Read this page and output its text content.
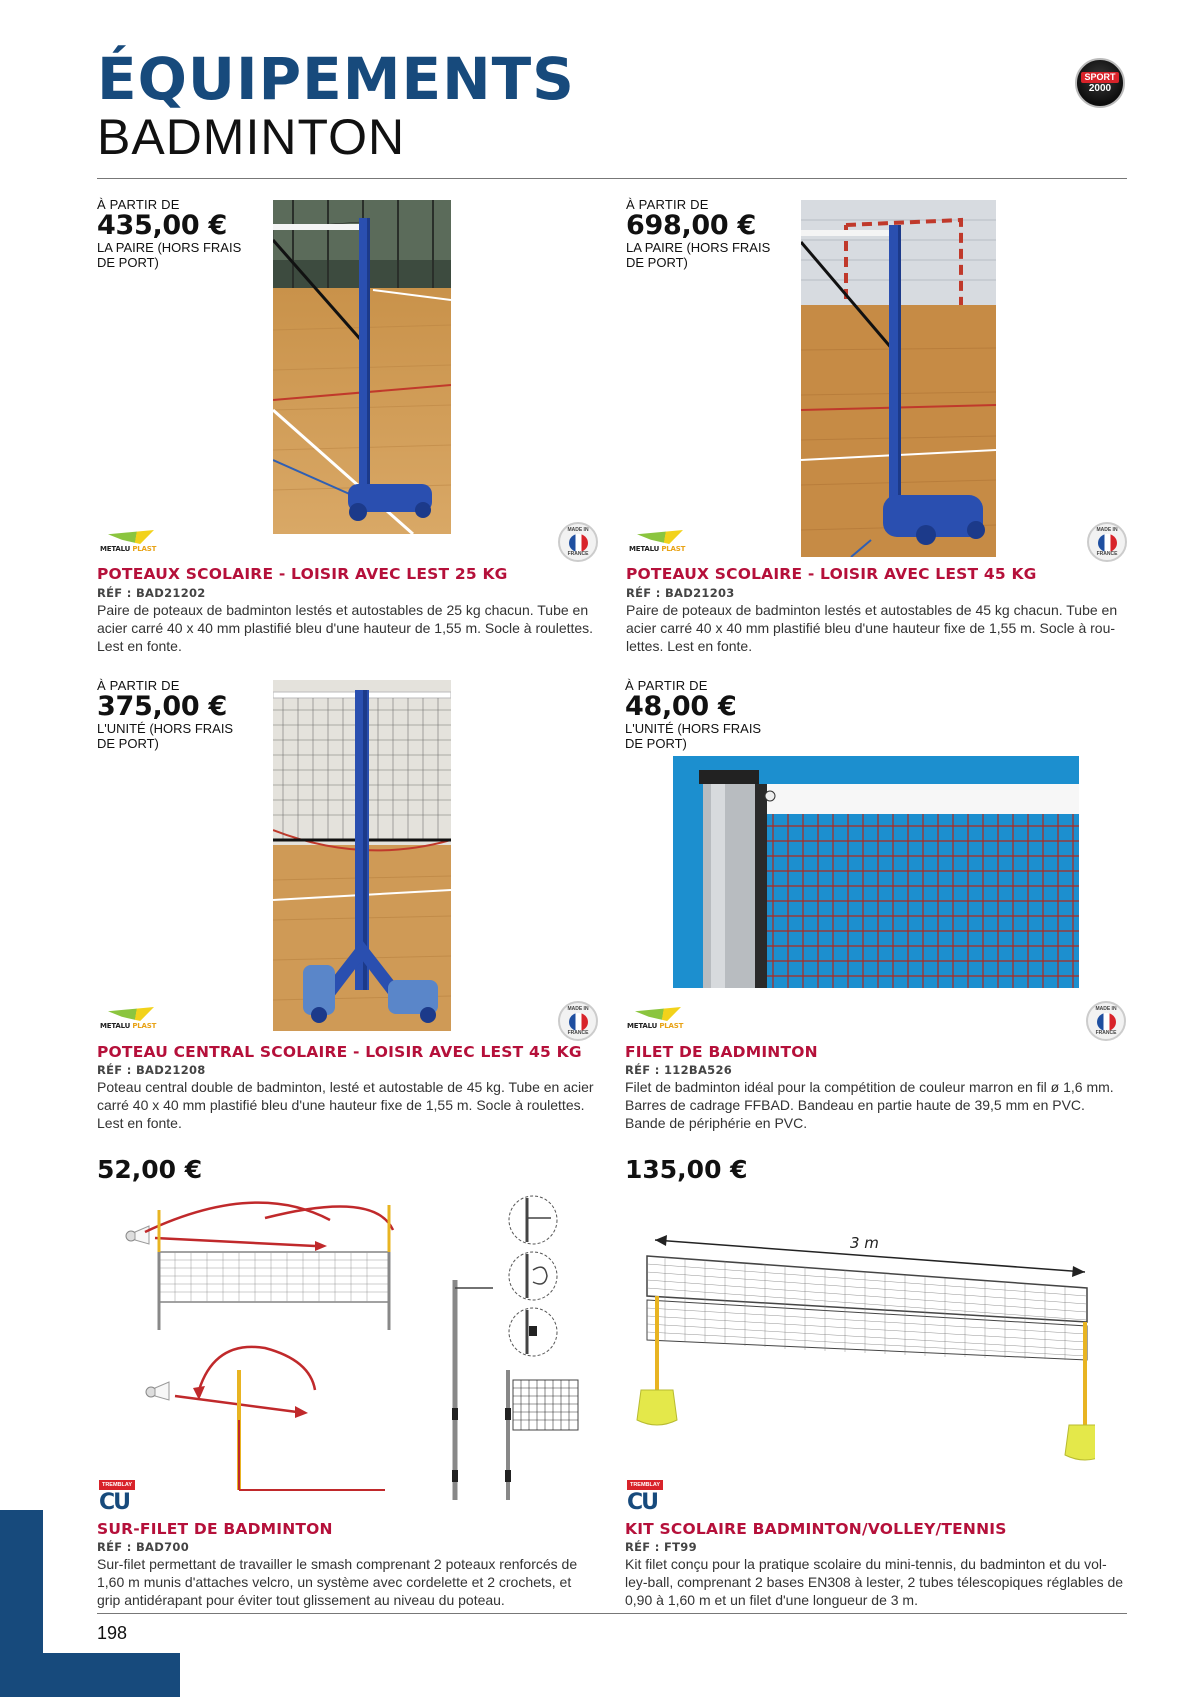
ÉQUIPEMENTS
BADMINTON
SPORT
2000
À PARTIR DE
435,00 €
LA PAIRE (HORS FRAIS DE PORT)
METALU PLAST
MADE IN
FRANCE
POTEAUX SCOLAIRE - LOISIR AVEC LEST 25 KG
RÉF : BAD21202
Paire de poteaux de badminton lestés et autostables de 25 kg chacun. Tube en acier carré 40 x 40 mm plastifié bleu d'une hauteur de 1,55 m. Socle à roulettes. Lest en fonte.
À PARTIR DE
698,00 €
LA PAIRE (HORS FRAIS DE PORT)
METALU PLAST
MADE IN
FRANCE
POTEAUX SCOLAIRE - LOISIR AVEC LEST 45 KG
RÉF : BAD21203
Paire de poteaux de badminton lestés et autostables de 45 kg chacun. Tube en acier carré 40 x 40 mm plastifié bleu d'une hauteur fixe de 1,55 m. Socle à rou-lettes. Lest en fonte.
À PARTIR DE
375,00 €
L'UNITÉ (HORS FRAIS DE PORT)
METALU PLAST
MADE IN
FRANCE
POTEAU CENTRAL SCOLAIRE - LOISIR AVEC LEST 45 KG
RÉF : BAD21208
Poteau central double de badminton, lesté et autostable de 45 kg. Tube en acier carré 40 x 40 mm plastifié bleu d'une hauteur fixe de 1,55 m. Socle à roulettes. Lest en fonte.
À PARTIR DE
48,00 €
L'UNITÉ (HORS FRAIS DE PORT)
METALU PLAST
MADE IN
FRANCE
FILET DE BADMINTON
RÉF : 112BA526
Filet de badminton idéal pour la compétition de couleur marron en fil ø 1,6 mm. Barres de cadrage FFBAD. Bandeau en partie haute de 39,5 mm en PVC. Bande de périphérie en PVC.
52,00 €
TREMBLAY
CU
SUR-FILET DE BADMINTON
RÉF : BAD700
Sur-filet permettant de travailler le smash comprenant 2 poteaux renforcés de 1,60 m munis d'attaches velcro, un système avec cordelette et 2 crochets, et grip antidérapant pour éviter tout glissement au niveau du poteau.
135,00 €
3 m
TREMBLAY
CU
KIT SCOLAIRE BADMINTON/VOLLEY/TENNIS
RÉF : FT99
Kit filet conçu pour la pratique scolaire du mini-tennis, du badminton et du vol-ley-ball, comprenant 2 bases EN308 à lester, 2 tubes télescopiques réglables de 0,90 à 1,60 m et un filet d'une longueur de 3 m.
198
